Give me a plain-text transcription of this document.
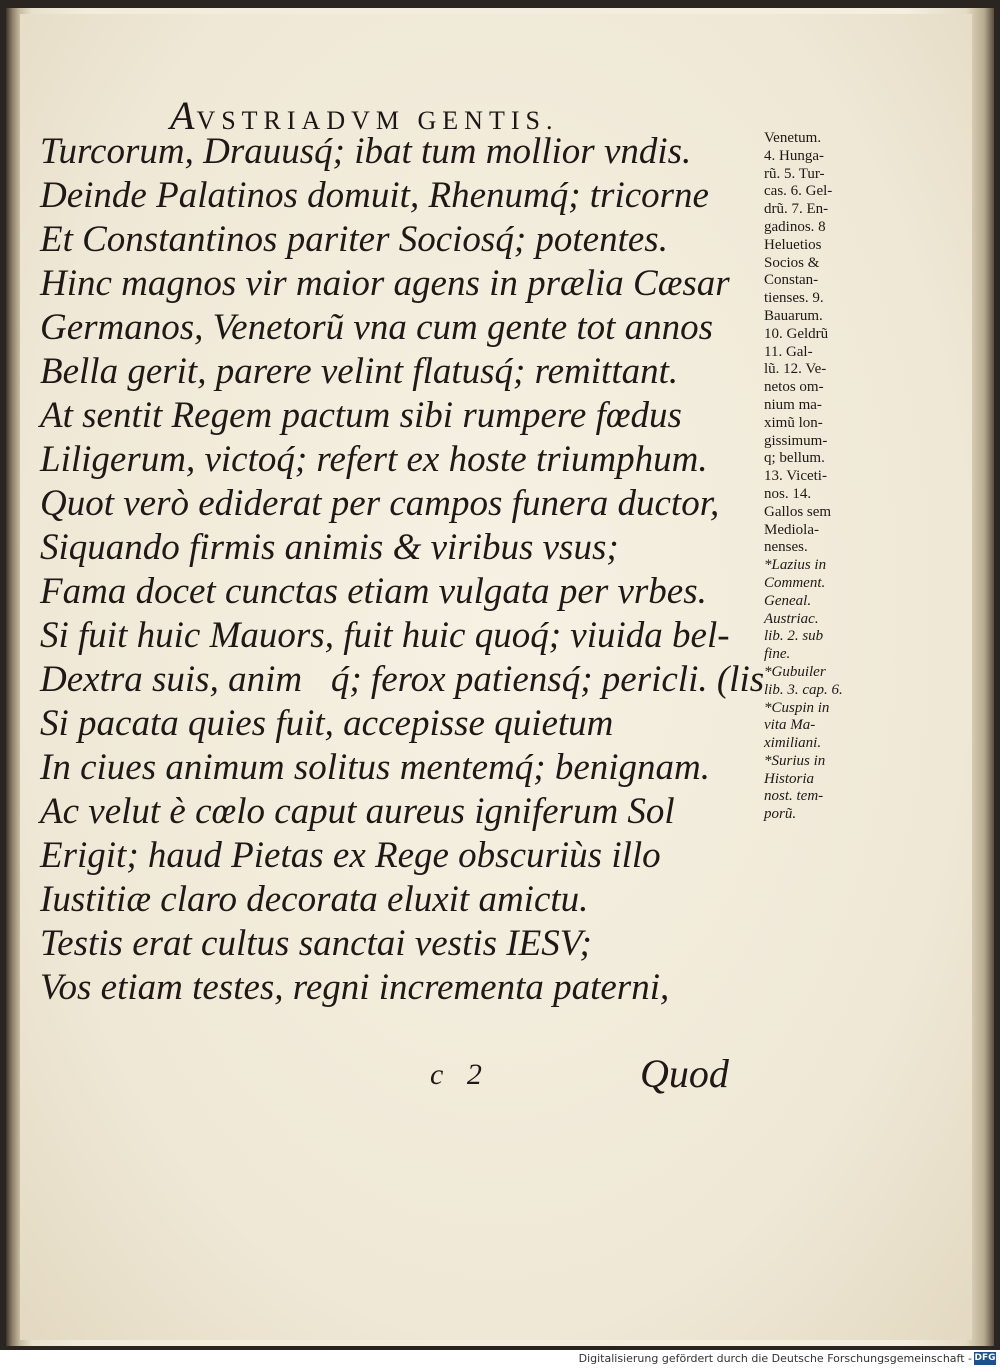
AVSTRIADVM GENTIS.
Turcorum, Drauusq́; ibat tum mollior vndis.
Deinde Palatinos domuit, Rhenumq́; tricorne
Et Constantinos pariter Sociosq́; potentes.
Hinc magnos vir maior agens in prælia Cæsar
Germanos, Venetorũ vna cum gente tot annos
Bella gerit, parere velint flatusq́; remittant.
At sentit Regem pactum sibi rumpere fœdus
Liligerum, victoq́; refert ex hoste triumphum.
Quot verò ediderat per campos funera ductor,
Siquando firmis animis & viribus vsus;
Fama docet cunctas etiam vulgata per vrbes.
Si fuit huic Mauors, fuit huic quoq́; viuida bel-
Dextra suis, anim᷑q́; ferox patiensq́; pericli. (lis
Si pacata quies fuit, accepisse quietum
In ciues animum solitus mentemq́; benignam.
Ac velut è cœlo caput aureus igniferum Sol
Erigit; haud Pietas ex Rege obscuriùs illo
Iustitiæ claro decorata eluxit amictu.
Testis erat cultus sanctai vestis IESV;
Vos etiam testes, regni incrementa paterni,
Venetum.
4. Hunga-
rũ. 5. Tur-
cas. 6. Gel-
drũ. 7. En-
gadinos. 8
Heluetios
Socios &
Constan-
tienses. 9.
Bauarum.
10. Geldrũ
11. Gal-
lũ. 12. Ve-
netos om-
nium ma-
ximũ lon-
gissimum-
q; bellum.
13. Viceti-
nos. 14.
Gallos sem
Mediola-
nenses.
*Lazius in
Comment.
Geneal.
Austriac.
lib. 2. sub
fine.
*Gubuiler
lib. 3. cap. 6.
*Cuspin in
vita Ma-
ximiliani.
*Surius in
Historia
nost. tem-
porũ.
c 2	Quod
Digitalisierung gefördert durch die Deutsche Forschungsgemeinschaft - DFG
